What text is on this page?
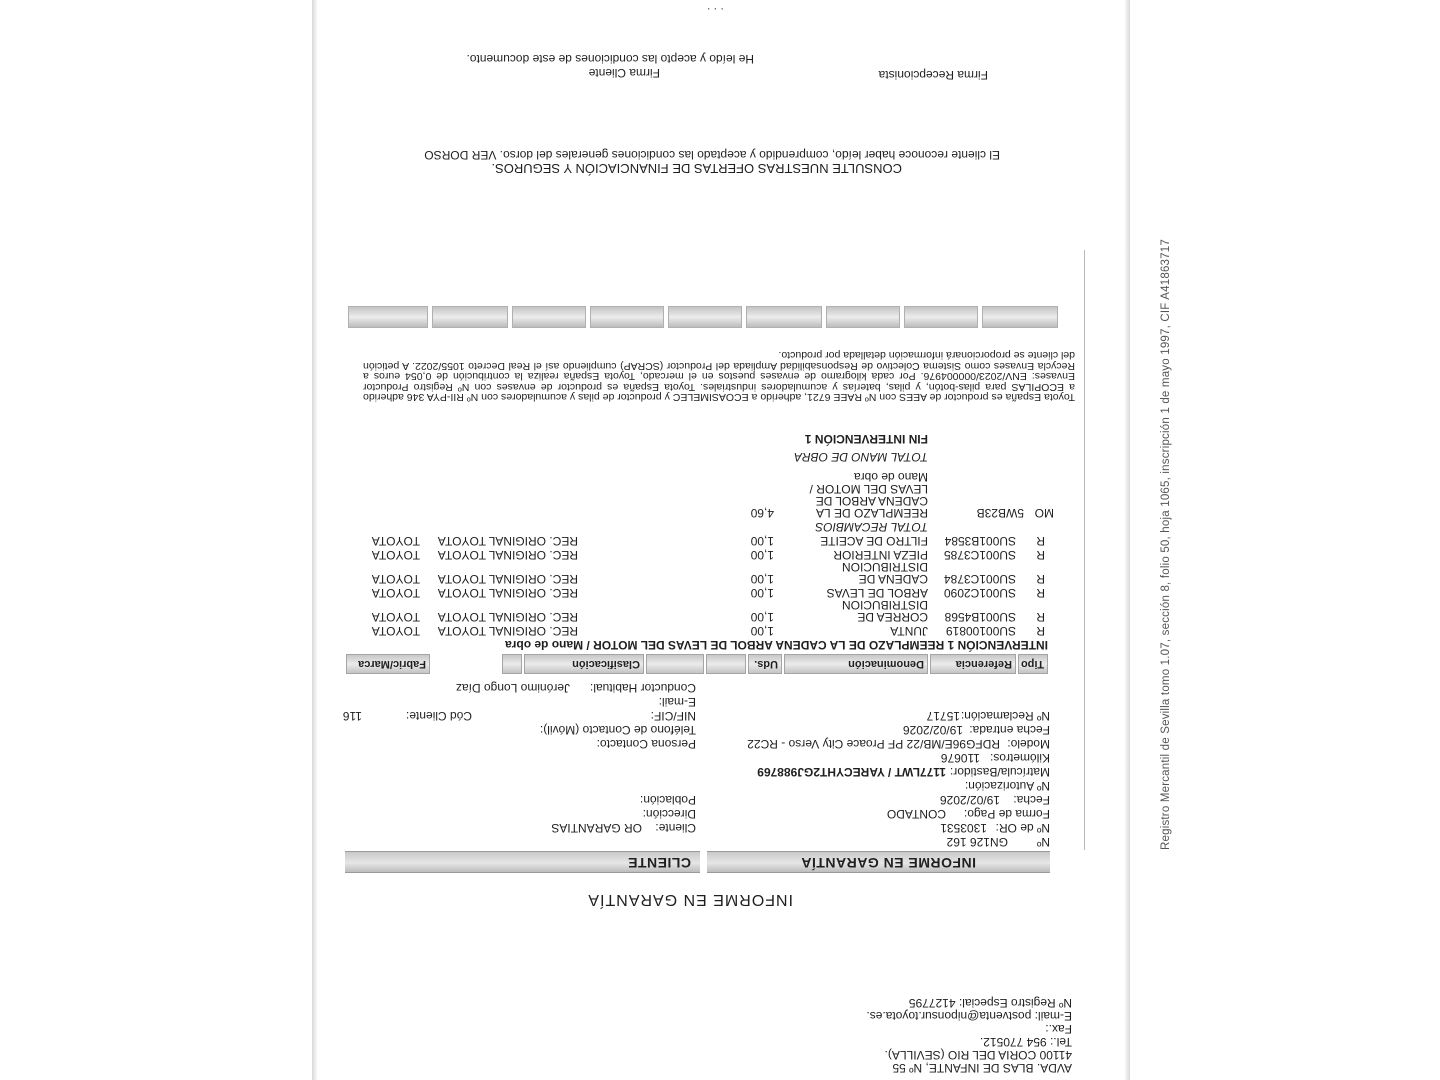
AVDA. BLAS DE INFANTE, Nº 55
41100 CORIA DEL RIO (SEVILLA).
Tel.: 954 770512.
Fax.:
E-mail: postventa@niponsur.toyota.es.
Nº Registro Especial: 4127795
INFORME EN GARANTÍA
INFORME EN GARANTÍA
CLIENTE
Registro Mercantil de Sevilla tomo 1.07, sección 8, folio 50, hoja 1065, inscripción 1 de mayo 1997, CIF A41863717
Nº
GN126 162
Nº de OR:
1303531
Forma de Pago:
CONTADO
Fecha:
19/02/2026
Nº Autorización:
Matrícula/Bastidor:
1177LWT / YARECYHT2GJ988769
Kilómetros:
110676
Modelo:
RDFG96E/MB/22 PF Proace City Verso - RC22
Fecha entrada:
19/02/2026
Nº Reclamación:
15717
Cliente:
OR GARANTIAS
Dirección:
Población:
Persona Contacto:
Teléfono de Contacto (Móvil):
NIF/CIF:
Cód Cliente:
116
E-mail:
Conductor Habitual:
Jerónimo Longo Díaz
Tipo
Referencia
Denominación
Uds.
Clasificación
Fabric/Marca
INTERVENCIÓN 1 REEMPLAZO DE LA CADENA ARBOL DE LEVAS DEL MOTOR / Mano de obra
R
SU00100819
JUNTA
1,00
REC. ORIGINAL TOYOTA
TOYOTA
R
SU001B4568
CORREA DE
DISTRIBUCION
1,00
REC. ORIGINAL TOYOTA
TOYOTA
R
SU001C2090
ARBOL DE LEVAS
1,00
REC. ORIGINAL TOYOTA
TOYOTA
R
SU001C3784
CADENA DE
DISTRIBUCION
1,00
REC. ORIGINAL TOYOTA
TOYOTA
R
SU001C3785
PIEZA INTERIOR
1,00
REC. ORIGINAL TOYOTA
TOYOTA
R
SU001B3584
FILTRO DE ACEITE
1,00
REC. ORIGINAL TOYOTA
TOYOTA
TOTAL RECAMBIOS
MO
5WB23B
REEMPLAZO DE LA
CADENA ARBOL DE
LEVAS DEL MOTOR /
Mano de obra
4,60
TOTAL MANO DE OBRA
FIN INTERVENCIÓN 1

Toyota España es productor de AEES con Nº RAEE 6721, adherido a ECOASIMELEC y productor de pilas y acumuladores con Nº RII-PYA 346 adherido a ECOPILAS para pilas-botón, y pilas, baterías y acumuladores industriales. Toyota España es productor de envases con Nº Registro Productor Envases: ENV/2023/000004976. Por cada kilogramo de envases puestos en el mercado, Toyota España realiza la contribución de 0,054 euros a Recycla Envases como Sistema Colectivo de Responsabilidad Ampliada del Productor (SCRAP) cumpliendo así el Real Decreto 1055/2022. A petición del cliente se proporcionará información detallada por producto.

CONSULTE NUESTRAS OFERTAS DE FINANCIACIÓN Y SEGUROS.
El cliente reconoce haber leído, comprendido y aceptado las condiciones generales del dorso. VER DORSO
Firma Recepcionista
Firma Cliente
He leído y acepto las condiciones de este documento.
․ ․ ․
